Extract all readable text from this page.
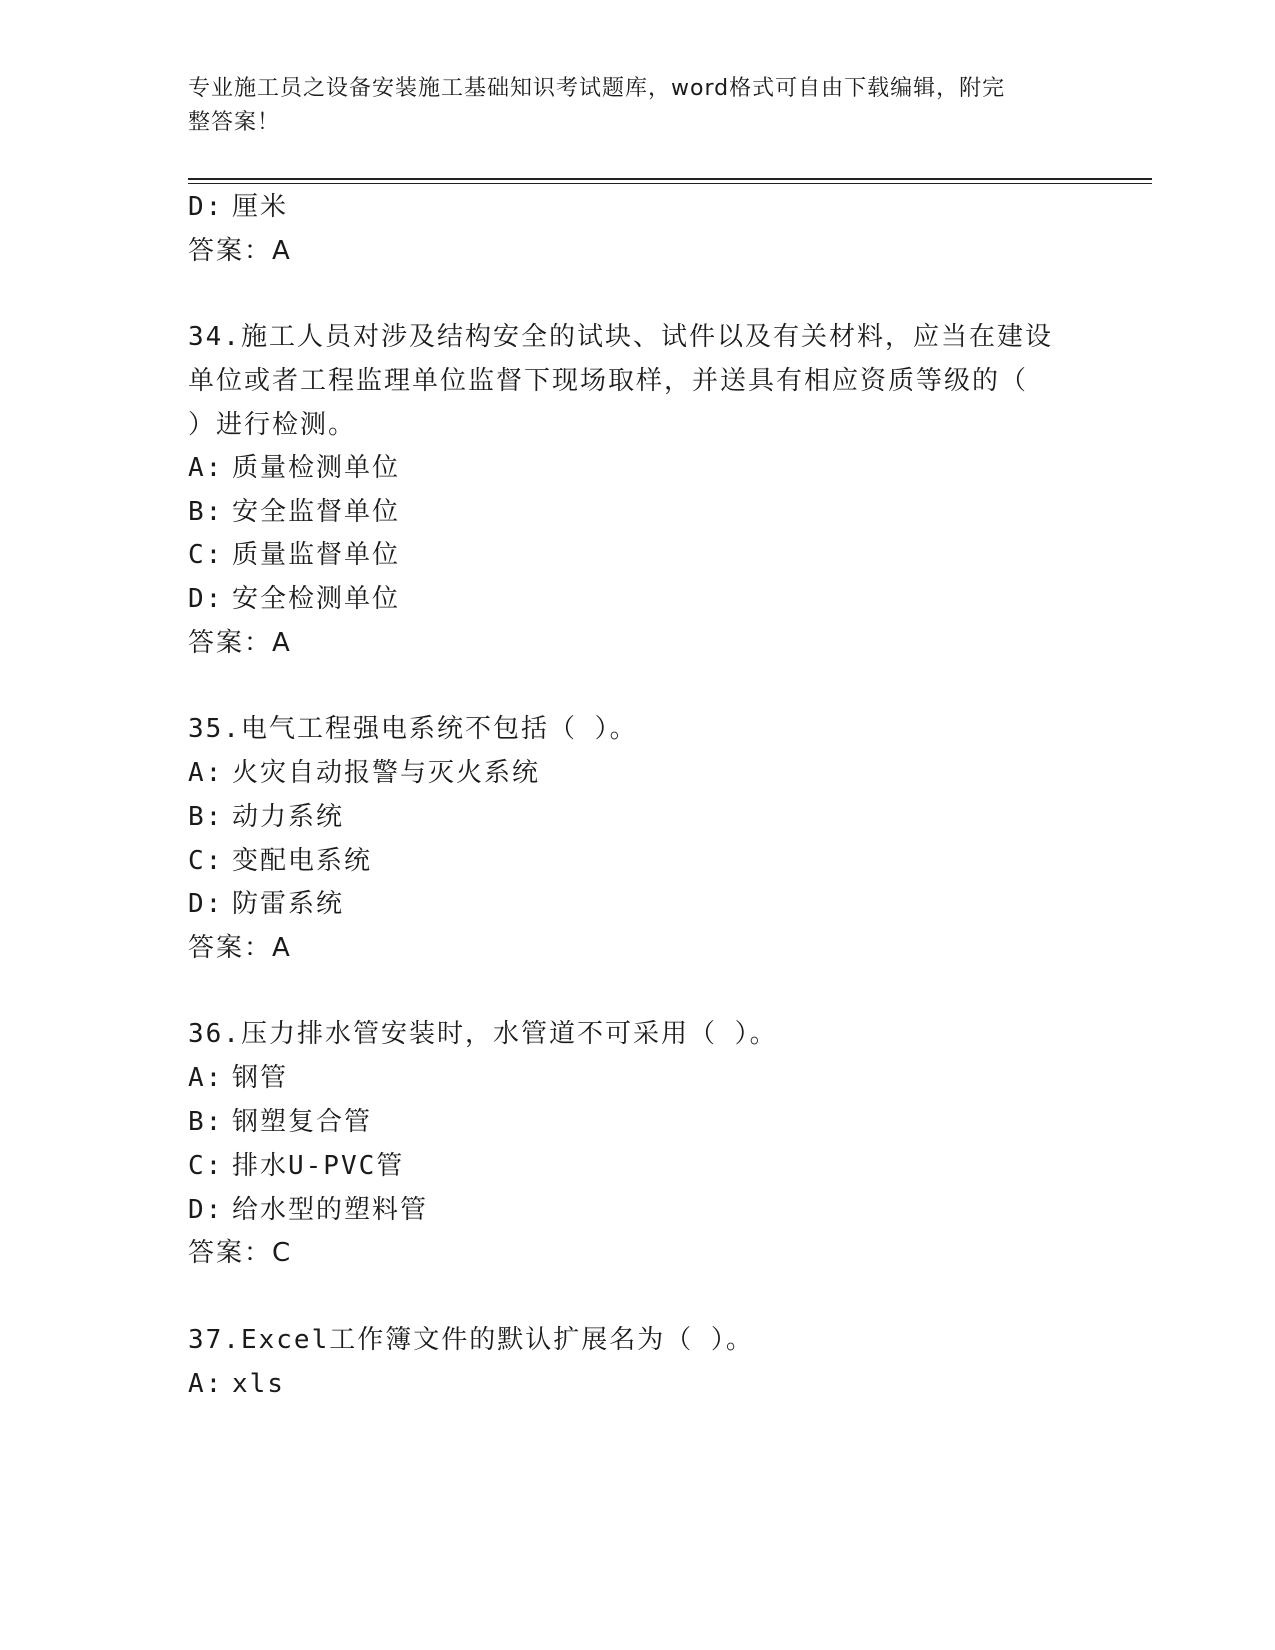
专业施工员之设备安装施工基础知识考试题库，word格式可自由下载编辑，附完
整答案！
D: 厘米
答案：A
34.施工人员对涉及结构安全的试块、试件以及有关材料，应当在建设
单位或者工程监理单位监督下现场取样，并送具有相应资质等级的（
）进行检测。
A: 质量检测单位
B: 安全监督单位
C: 质量监督单位
D: 安全检测单位
答案：A
35.电气工程强电系统不包括（ ）。
A: 火灾自动报警与灭火系统
B: 动力系统
C: 变配电系统
D: 防雷系统
答案：A
36.压力排水管安装时，水管道不可采用（ ）。
A: 钢管
B: 钢塑复合管
C: 排水U-PVC管
D: 给水型的塑料管
答案：C
37.Excel工作簿文件的默认扩展名为（ ）。
A: xls
